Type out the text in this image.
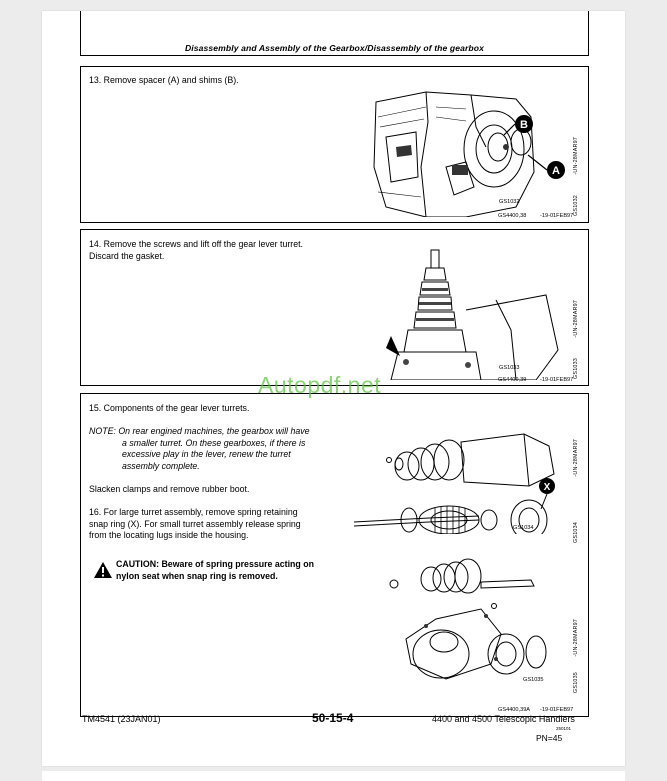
Disassembly and Assembly of the Gearbox/Disassembly of the gearbox
13. Remove spacer (A) and shims (B).
B
A
GS1032
-UN-28MAR97
GS1032
GS4400,38 -19-01FEB97
14. Remove the screws and lift off the gear lever turret.
Discard the gasket.
GS1033
-UN-28MAR97
GS1033
GS4400,39 -19-01FEB97
15. Components of the gear lever turrets.
NOTE: On rear engined machines, the gearbox will have
a smaller turret. On these gearboxes, if there is
excessive play in the lever, renew the turret
assembly complete.
Slacken clamps and remove rubber boot.
16. For large turret assembly, remove spring retaining
snap ring (X). For small turret assembly release spring
from the locating lugs inside the housing.
CAUTION: Beware of spring pressure acting on
nylon seat when snap ring is removed.
X
GS1034
-UN-28MAR97
GS1034
GS1035
-UN-28MAR97
GS1035
GS4400,39A -19-01FEB97
TM4541 (23JAN01)	50-15-4	4400 and 4500 Telescopic Handlers
250101
PN=45
Autopdf.net
